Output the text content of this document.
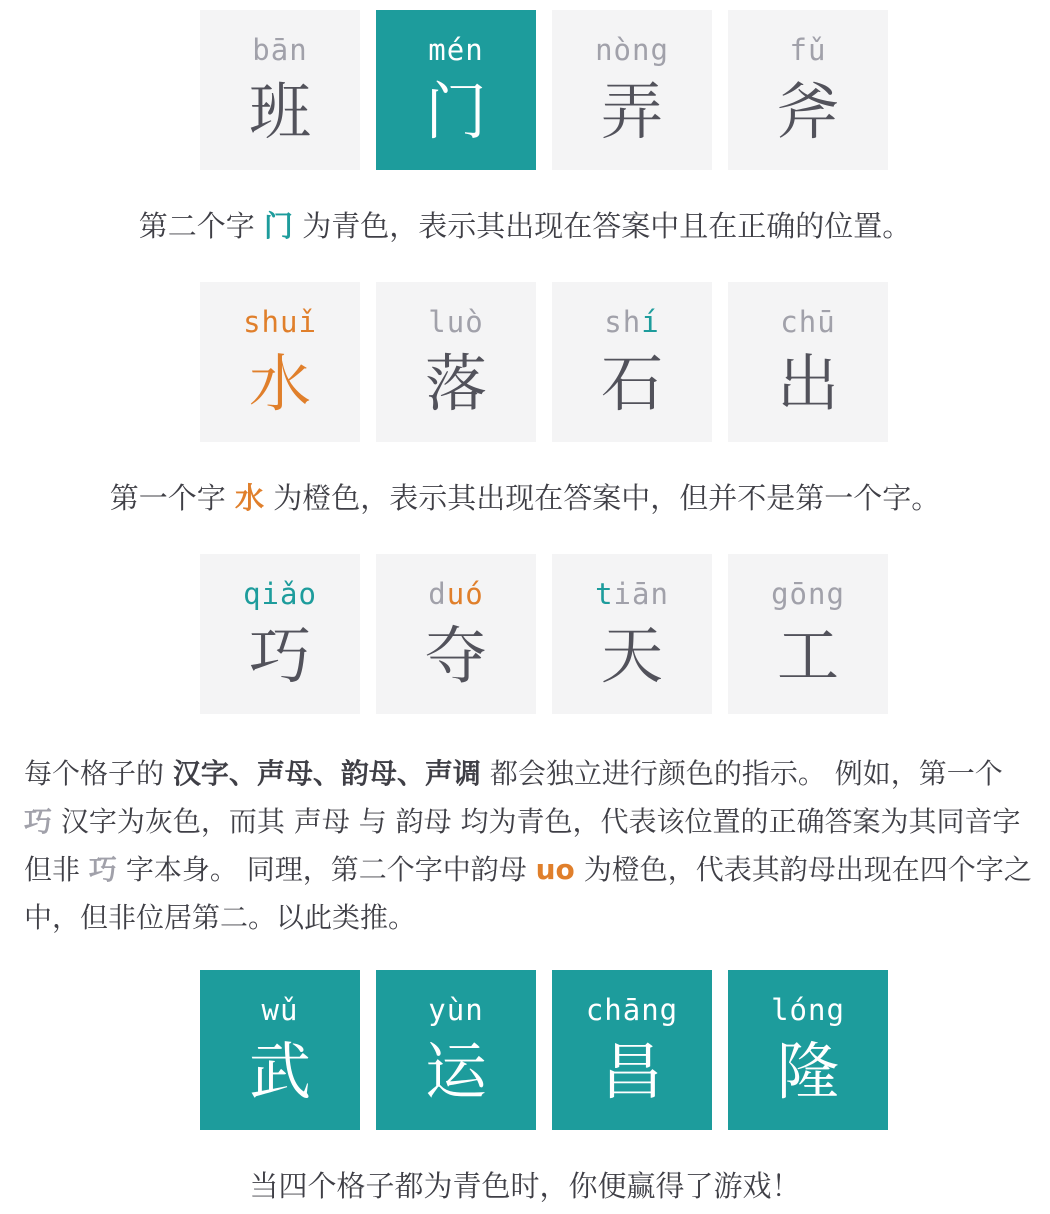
bān
班
mén
门
nòng
弄
fǔ
斧
第二个字 门 为青色，表示其出现在答案中且在正确的位置。
shuǐ
水
luò
落
shí
石
chū
出
第一个字 水 为橙色，表示其出现在答案中，但并不是第一个字。
qiǎo
巧
duó
夺
tiān
天
gōng
工
每个格子的 汉字、声母、韵母、声调 都会独立进行颜色的指示。 例如，第一个 巧 汉字为灰色，而其 声母 与 韵母 均为青色，代表该位置的正确答案为其同音字但非 巧 字本身。 同理，第二个字中韵母 uo 为橙色，代表其韵母出现在四个字之中，但非位居第二。以此类推。
wǔ
武
yùn
运
chāng
昌
lóng
隆
当四个格子都为青色时，你便赢得了游戏！
